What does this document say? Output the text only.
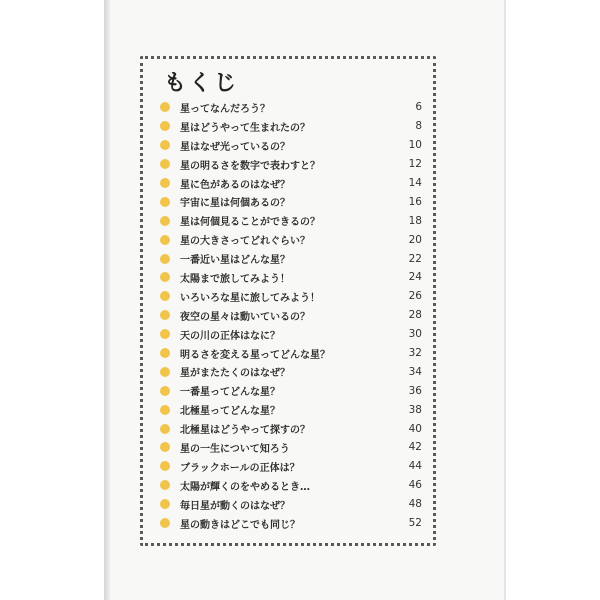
もくじ
星ってなんだろう？	6
星はどうやって生まれたの？	8
星はなぜ光っているの？	10
星の明るさを数字で表わすと？	12
星に色があるのはなぜ？	14
宇宙に星は何個あるの？	16
星は何個見ることができるの？	18
星の大きさってどれぐらい？	20
一番近い星はどんな星？	22
太陽まで旅してみよう！	24
いろいろな星に旅してみよう！	26
夜空の星々は動いているの？	28
天の川の正体はなに？	30
明るさを変える星ってどんな星？	32
星がまたたくのはなぜ？	34
一番星ってどんな星？	36
北極星ってどんな星？	38
北極星はどうやって探すの？	40
星の一生について知ろう	42
ブラックホールの正体は？	44
太陽が輝くのをやめるとき…	46
毎日星が動くのはなぜ？	48
星の動きはどこでも同じ？	52
